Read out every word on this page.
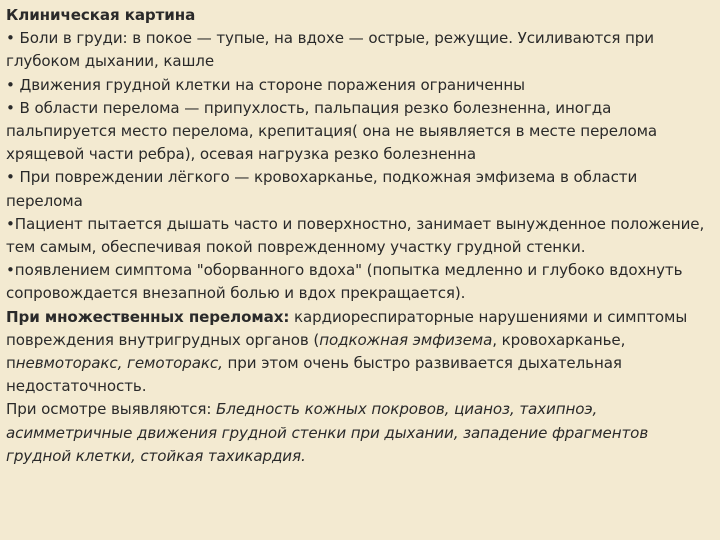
Клиническая картина

• Боли в груди: в покое — тупые, на вдохе — острые, режущие. Усиливаются при глубоком дыхании, кашле

• Движения грудной клетки на стороне поражения ограниченны

• В области перелома — припухлость, пальпация резко болезненна, иногда пальпируется место перелома, крепитация( она не выявляется в месте перелома хрящевой части ребра), осевая нагрузка резко болезненна

• При повреждении лёгкого — кровохарканье, подкожная эмфизема в области перелома

•Пациент пытается дышать часто и поверхностно, занимает вынужденное положение, тем самым, обеспечивая покой поврежденному участку грудной стенки.

•появлением симптома "оборванного вдоха" (попытка медленно и глубоко вдохнуть сопровождается внезапной болью и вдох прекращается).

При множественных переломах: кардиореспираторные нарушениями и симптомы повреждения внутригрудных органов (подкожная эмфизема, кровохарканье, пневмоторакс, гемоторакс, при этом очень быстро развивается дыхательная недостаточность.

При осмотре выявляются: Бледность кожных покровов, цианоз, тахипноэ, асимметричные движения грудной стенки при дыхании, западение фрагментов грудной клетки, стойкая тахикардия.
